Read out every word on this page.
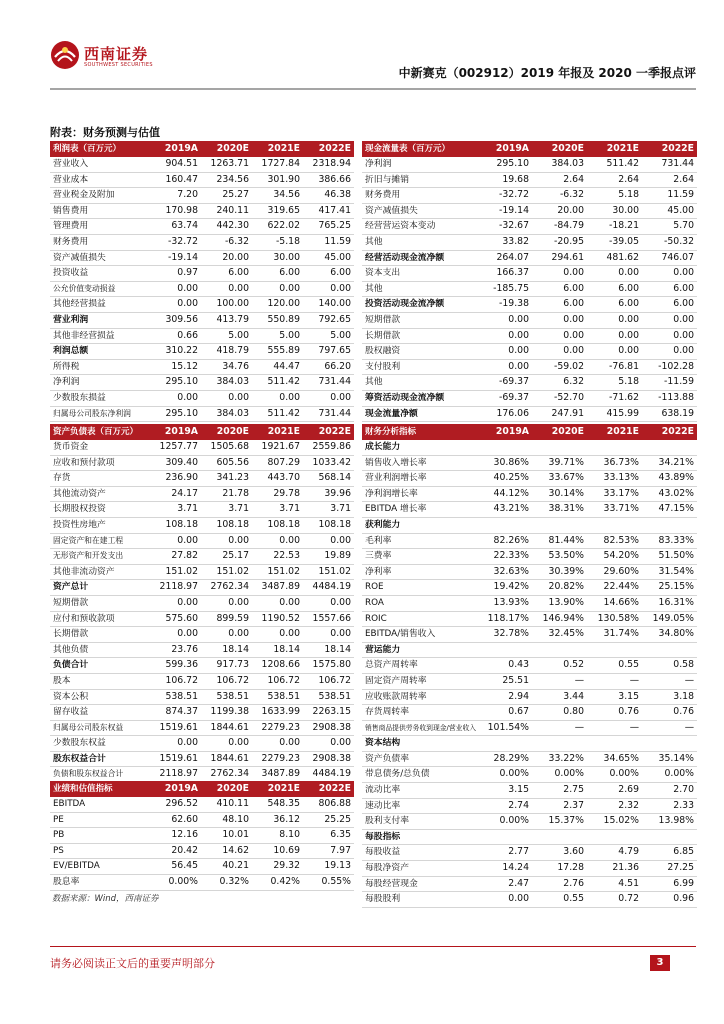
西南证券
SOUTHWEST SECURITIES
中新赛克（002912）2019 年报及 2020 一季报点评
附表：财务预测与估值
利润表（百万元）	2019A	2020E	2021E	2022E
营业收入	904.51	1263.71	1727.84	2318.94
营业成本	160.47	234.56	301.90	386.66
营业税金及附加	7.20	25.27	34.56	46.38
销售费用	170.98	240.11	319.65	417.41
管理费用	63.74	442.30	622.02	765.25
财务费用	-32.72	-6.32	-5.18	11.59
资产减值损失	-19.14	20.00	30.00	45.00
投资收益	0.97	6.00	6.00	6.00
公允价值变动损益	0.00	0.00	0.00	0.00
其他经营损益	0.00	100.00	120.00	140.00
营业利润	309.56	413.79	550.89	792.65
其他非经营损益	0.66	5.00	5.00	5.00
利润总额	310.22	418.79	555.89	797.65
所得税	15.12	34.76	44.47	66.20
净利润	295.10	384.03	511.42	731.44
少数股东损益	0.00	0.00	0.00	0.00
归属母公司股东净利润	295.10	384.03	511.42	731.44
现金流量表（百万元）	2019A	2020E	2021E	2022E
净利润	295.10	384.03	511.42	731.44
折旧与摊销	19.68	2.64	2.64	2.64
财务费用	-32.72	-6.32	5.18	11.59
资产减值损失	-19.14	20.00	30.00	45.00
经营营运资本变动	-32.67	-84.79	-18.21	5.70
其他	33.82	-20.95	-39.05	-50.32
经营活动现金流净额	264.07	294.61	481.62	746.07
资本支出	166.37	0.00	0.00	0.00
其他	-185.75	6.00	6.00	6.00
投资活动现金流净额	-19.38	6.00	6.00	6.00
短期借款	0.00	0.00	0.00	0.00
长期借款	0.00	0.00	0.00	0.00
股权融资	0.00	0.00	0.00	0.00
支付股利	0.00	-59.02	-76.81	-102.28
其他	-69.37	6.32	5.18	-11.59
筹资活动现金流净额	-69.37	-52.70	-71.62	-113.88
现金流量净额	176.06	247.91	415.99	638.19
资产负债表（百万元）	2019A	2020E	2021E	2022E
货币资金	1257.77	1505.68	1921.67	2559.86
应收和预付款项	309.40	605.56	807.29	1033.42
存货	236.90	341.23	443.70	568.14
其他流动资产	24.17	21.78	29.78	39.96
长期股权投资	3.71	3.71	3.71	3.71
投资性房地产	108.18	108.18	108.18	108.18
固定资产和在建工程	0.00	0.00	0.00	0.00
无形资产和开发支出	27.82	25.17	22.53	19.89
其他非流动资产	151.02	151.02	151.02	151.02
资产总计	2118.97	2762.34	3487.89	4484.19
短期借款	0.00	0.00	0.00	0.00
应付和预收款项	575.60	899.59	1190.52	1557.66
长期借款	0.00	0.00	0.00	0.00
其他负债	23.76	18.14	18.14	18.14
负债合计	599.36	917.73	1208.66	1575.80
股本	106.72	106.72	106.72	106.72
资本公积	538.51	538.51	538.51	538.51
留存收益	874.37	1199.38	1633.99	2263.15
归属母公司股东权益	1519.61	1844.61	2279.23	2908.38
少数股东权益	0.00	0.00	0.00	0.00
股东权益合计	1519.61	1844.61	2279.23	2908.38
负债和股东权益合计	2118.97	2762.34	3487.89	4484.19
业绩和估值指标	2019A	2020E	2021E	2022E
EBITDA	296.52	410.11	548.35	806.88
PE	62.60	48.10	36.12	25.25
PB	12.16	10.01	8.10	6.35
PS	20.42	14.62	10.69	7.97
EV/EBITDA	56.45	40.21	29.32	19.13
股息率	0.00%	0.32%	0.42%	0.55%
财务分析指标	2019A	2020E	2021E	2022E
成长能力				
销售收入增长率	30.86%	39.71%	36.73%	34.21%
营业利润增长率	40.25%	33.67%	33.13%	43.89%
净利润增长率	44.12%	30.14%	33.17%	43.02%
EBITDA 增长率	43.21%	38.31%	33.71%	47.15%
获利能力				
毛利率	82.26%	81.44%	82.53%	83.33%
三费率	22.33%	53.50%	54.20%	51.50%
净利率	32.63%	30.39%	29.60%	31.54%
ROE	19.42%	20.82%	22.44%	25.15%
ROA	13.93%	13.90%	14.66%	16.31%
ROIC	118.17%	146.94%	130.58%	149.05%
EBITDA/销售收入	32.78%	32.45%	31.74%	34.80%
营运能力				
总资产周转率	0.43	0.52	0.55	0.58
固定资产周转率	25.51	—	—	—
应收账款周转率	2.94	3.44	3.15	3.18
存货周转率	0.67	0.80	0.76	0.76
销售商品提供劳务收到现金/营业收入	101.54%	—	—	—
资本结构				
资产负债率	28.29%	33.22%	34.65%	35.14%
带息债务/总负债	0.00%	0.00%	0.00%	0.00%
流动比率	3.15	2.75	2.69	2.70
速动比率	2.74	2.37	2.32	2.33
股利支付率	0.00%	15.37%	15.02%	13.98%
每股指标				
每股收益	2.77	3.60	4.79	6.85
每股净资产	14.24	17.28	21.36	27.25
每股经营现金	2.47	2.76	4.51	6.99
每股股利	0.00	0.55	0.72	0.96
数据来源：Wind，西南证券
请务必阅读正文后的重要声明部分	3
